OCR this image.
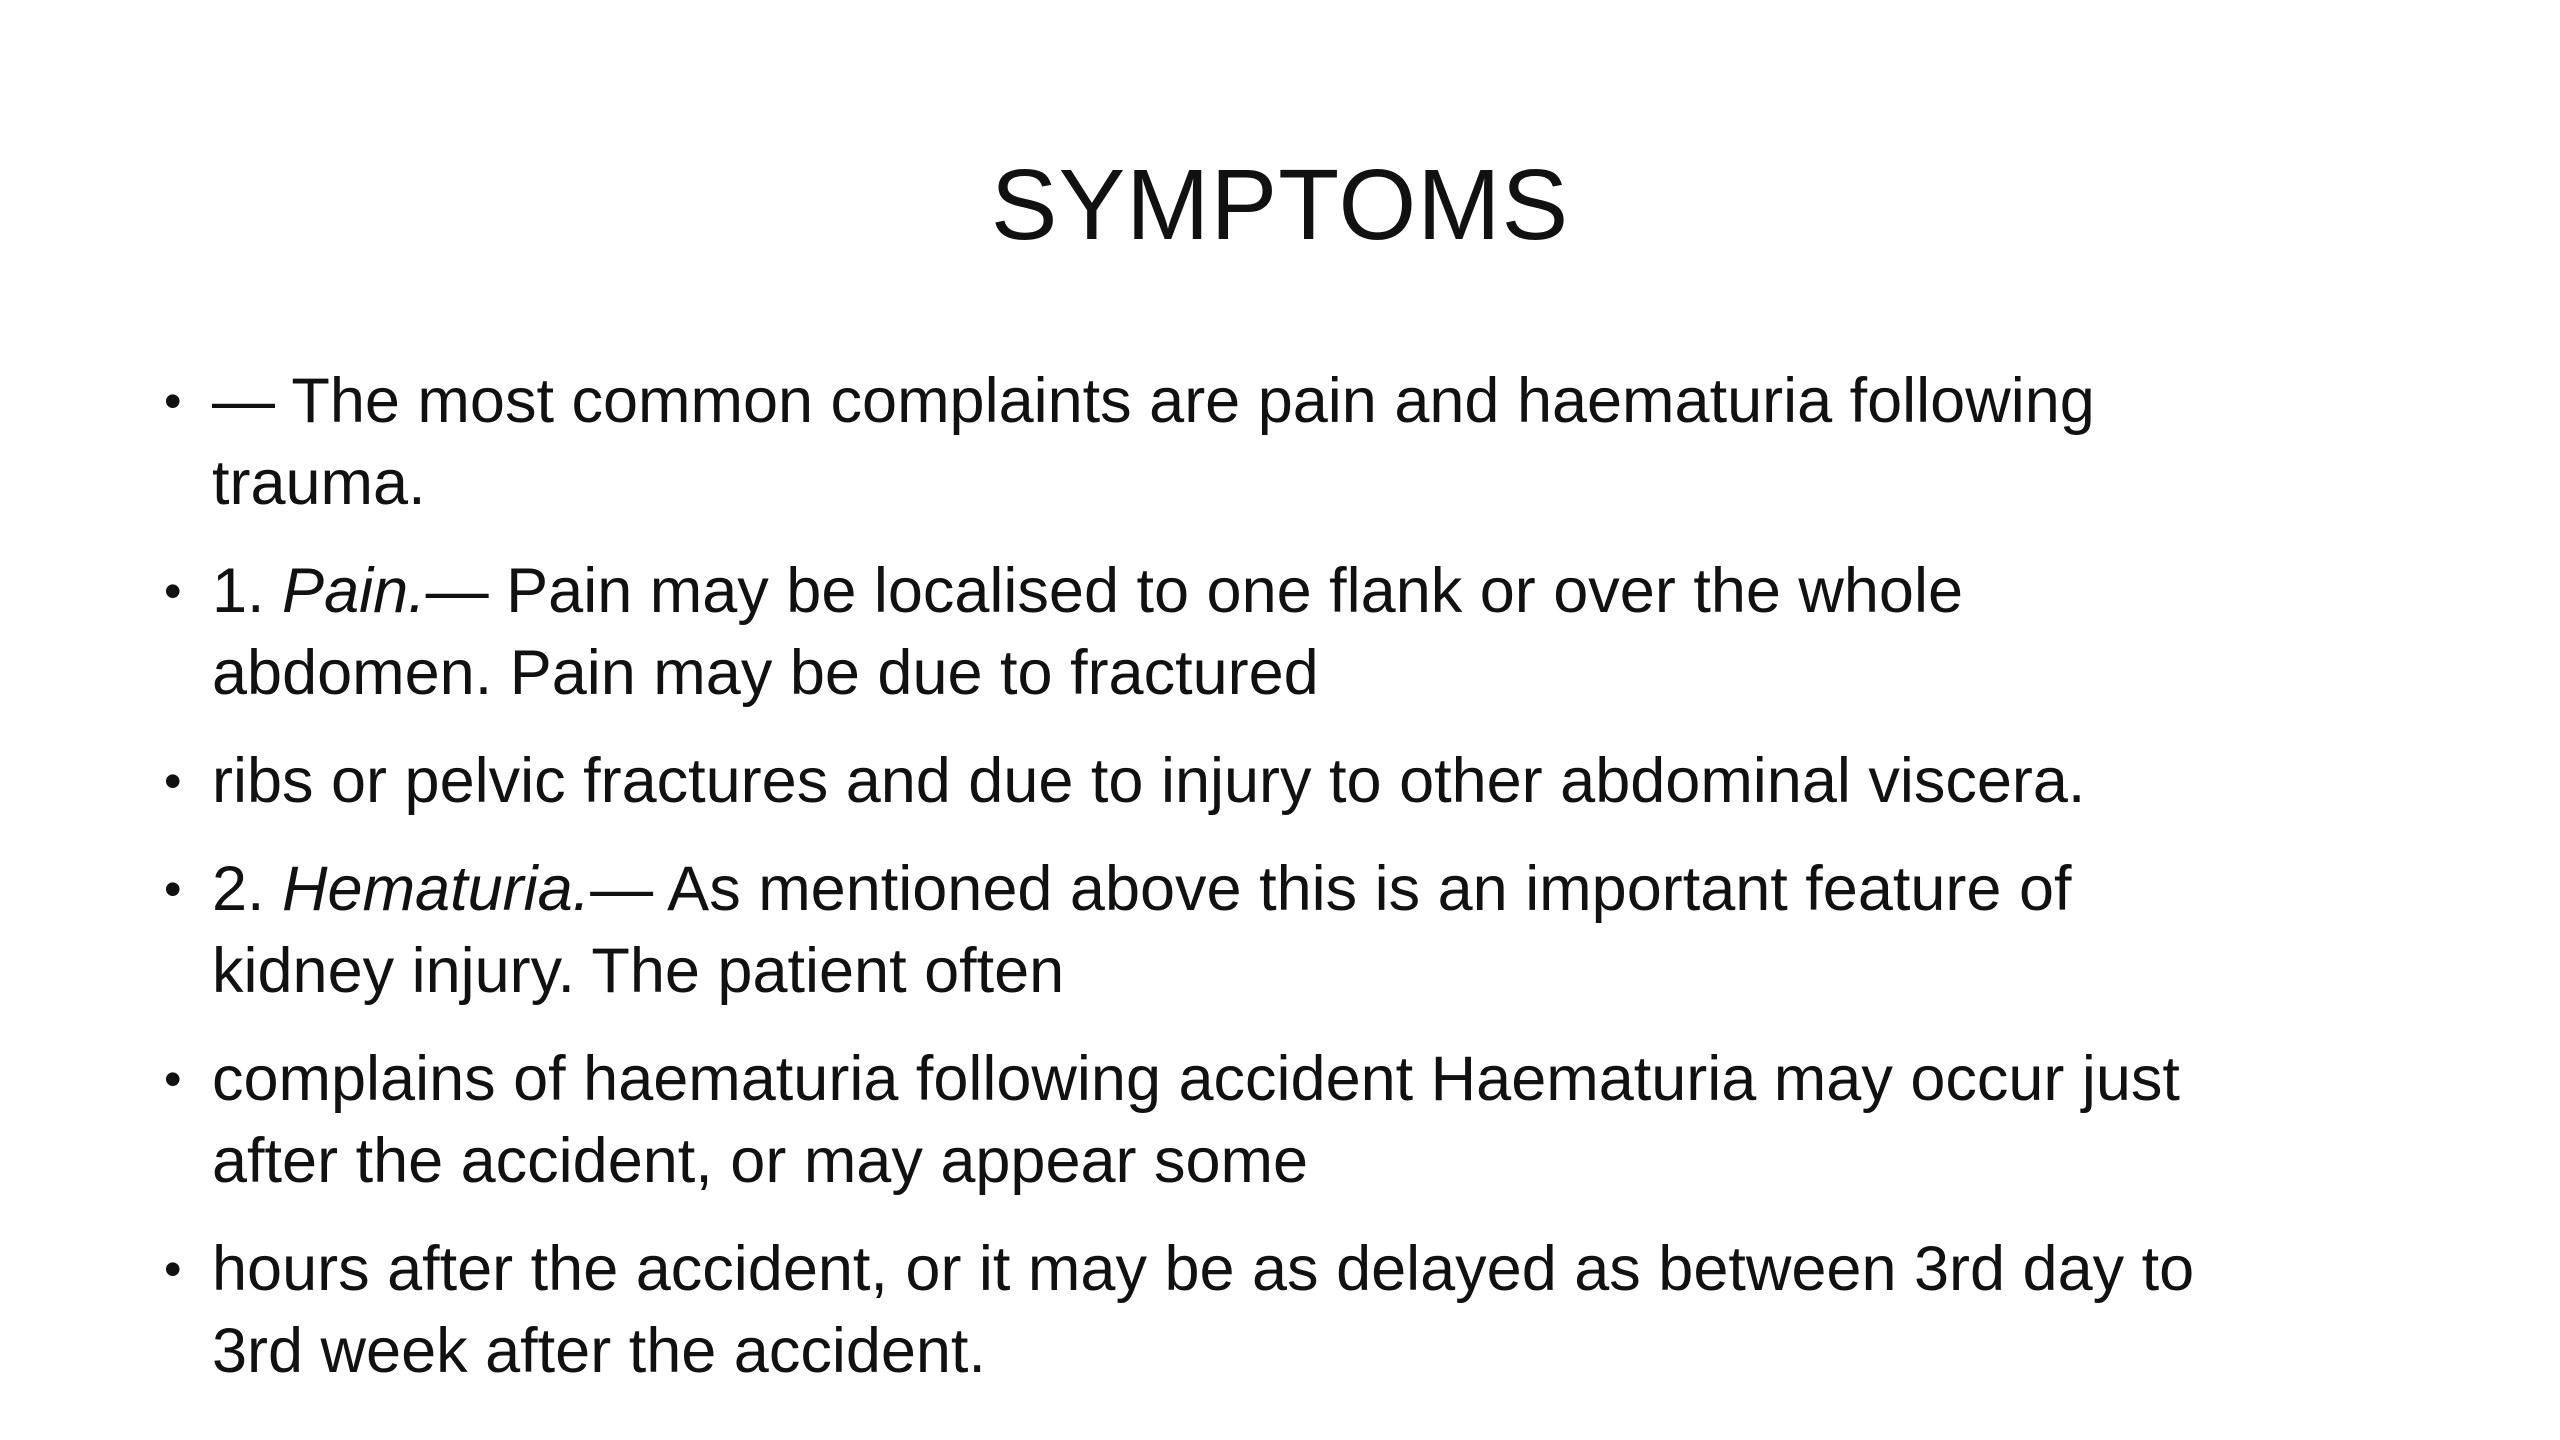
SYMPTOMS
• — The most common complaints are pain and haematuria following trauma.
• 1. Pain.— Pain may be localised to one flank or over the whole abdomen. Pain may be due to fractured
• ribs or pelvic fractures and due to injury to other abdominal viscera.
• 2. Hematuria.— As mentioned above this is an important feature of kidney injury. The patient often
• complains of haematuria following accident Haematuria may occur just after the accident, or may appear some
• hours after the accident, or it may be as delayed as between 3rd day to 3rd week after the accident.
